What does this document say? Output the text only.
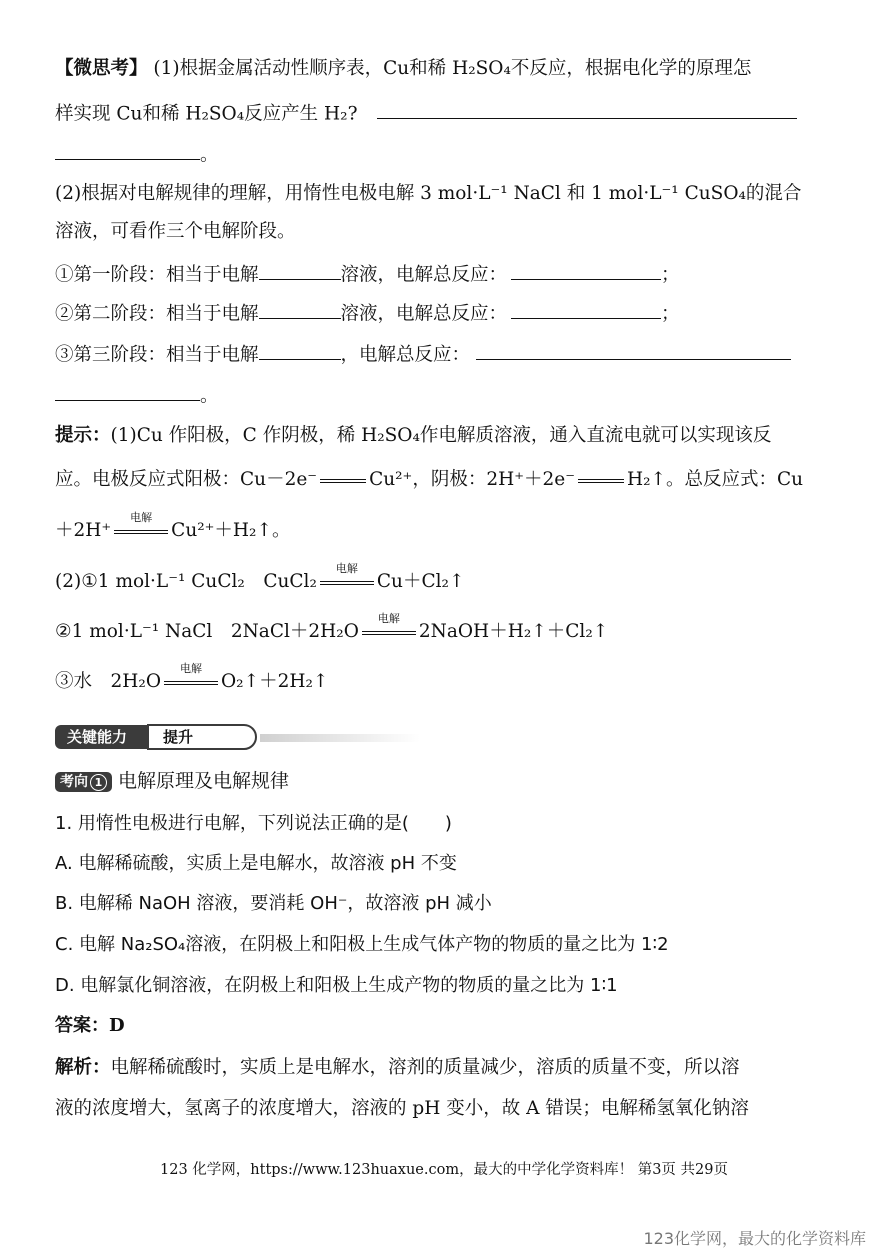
【微思考】 (1)根据金属活动性顺序表，Cu和稀 H₂SO₄不反应，根据电化学的原理怎
样实现 Cu和稀 H₂SO₄反应产生 H₂?
。
(2)根据对电解规律的理解，用惰性电极电解 3 mol·L⁻¹ NaCl 和 1 mol·L⁻¹ CuSO₄的混合
溶液，可看作三个电解阶段。
①第一阶段：相当于电解	溶液，电解总反应：	；
②第二阶段：相当于电解	溶液，电解总反应：	；
③第三阶段：相当于电解	，电解总反应：
。
提示：(1)Cu 作阳极，C 作阴极，稀 H₂SO₄作电解质溶液，通入直流电就可以实现该反
应。电极反应式阳极：Cu－2e⁻	Cu²⁺，阴极：2H⁺＋2e⁻	H₂↑。总反应式：Cu
＋2H⁺
电解
Cu²⁺＋H₂↑。
(2)①1 mol·L⁻¹ CuCl₂　CuCl₂
电解
Cu＋Cl₂↑
②1 mol·L⁻¹ NaCl　2NaCl＋2H₂O
电解
2NaOH＋H₂↑＋Cl₂↑
③水　2H₂O
电解
O₂↑＋2H₂↑
关键能力 提升
考向 1 电解原理及电解规律
1. 用惰性电极进行电解，下列说法正确的是(　　)
A. 电解稀硫酸，实质上是电解水，故溶液 pH 不变
B. 电解稀 NaOH 溶液，要消耗 OH⁻，故溶液 pH 减小
C. 电解 Na₂SO₄溶液，在阴极上和阳极上生成气体产物的物质的量之比为 1∶2
D. 电解氯化铜溶液，在阴极上和阳极上生成产物的物质的量之比为 1∶1
答案：D
解析：电解稀硫酸时，实质上是电解水，溶剂的质量减少，溶质的质量不变，所以溶
液的浓度增大，氢离子的浓度增大，溶液的 pH 变小，故 A 错误；电解稀氢氧化钠溶
123 化学网，https://www.123huaxue.com，最大的中学化学资料库！ 第3页 共29页
123化学网，最大的化学资料库
